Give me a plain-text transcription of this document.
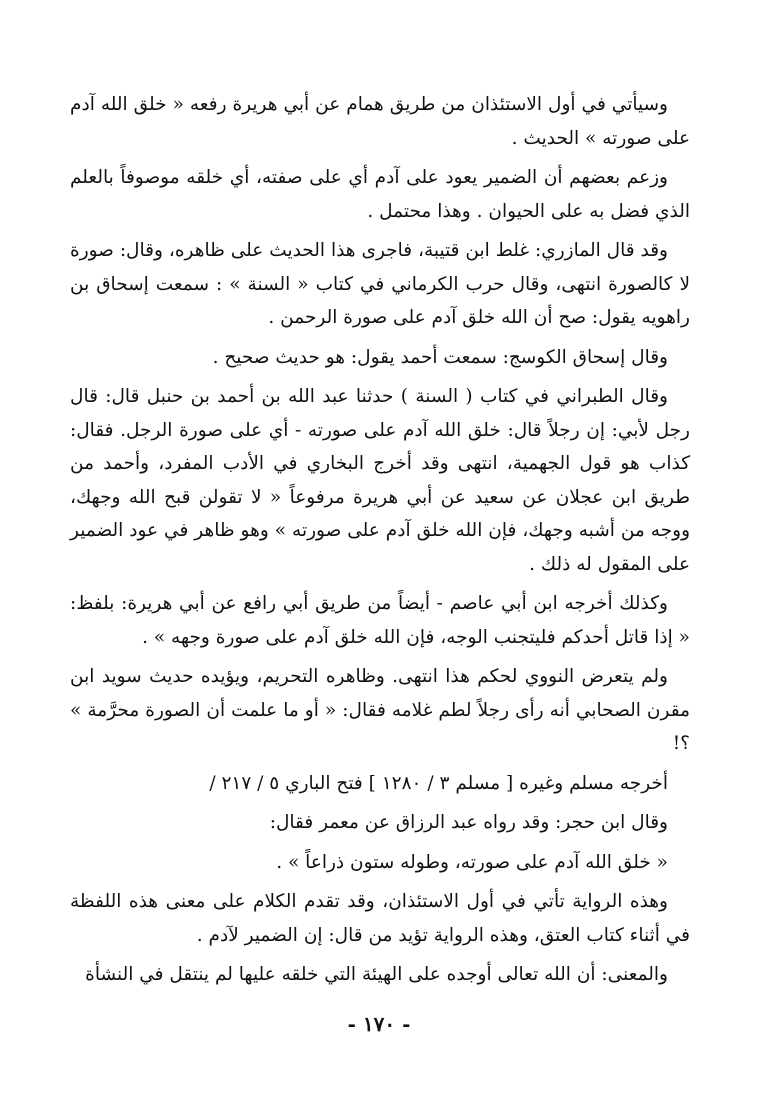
وسيأتي في أول الاستئذان من طريق همام عن أبي هريرة رفعه « خلق الله آدم على صورته » الحديث .

وزعم بعضهم أن الضمير يعود على آدم أي على صفته، أي خلقه موصوفاً بالعلم الذي فضل به على الحيوان . وهذا محتمل .

وقد قال المازري: غلط ابن قتيبة، فاجرى هذا الحديث على ظاهره، وقال: صورة لا كالصورة انتهى، وقال حرب الكرماني في كتاب « السنة » : سمعت إسحاق بن راهويه يقول: صح أن الله خلق آدم على صورة الرحمن .

وقال إسحاق الكوسج: سمعت أحمد يقول: هو حديث صحيح .

وقال الطبراني في كتاب ( السنة ) حدثنا عبد الله بن أحمد بن حنبل قال: قال رجل لأبي: إن رجلاً قال: خلق الله آدم على صورته - أي على صورة الرجل. فقال: كذاب هو قول الجهمية، انتهى وقد أخرج البخاري في الأدب المفرد، وأحمد من طريق ابن عجلان عن سعيد عن أبي هريرة مرفوعاً « لا تقولن قبح الله وجهك، ووجه من أشبه وجهك، فإن الله خلق آدم على صورته » وهو ظاهر في عود الضمير على المقول له ذلك .

وكذلك أخرجه ابن أبي عاصم - أيضاً من طريق أبي رافع عن أبي هريرة: بلفظ: « إذا قاتل أحدكم فليتجنب الوجه، فإن الله خلق آدم على صورة وجهه » .

ولم يتعرض النووي لحكم هذا انتهى. وظاهره التحريم، ويؤيده حديث سويد ابن مقرن الصحابي أنه رأى رجلاً لطم غلامه فقال: « أو ما علمت أن الصورة محرَّمة » ؟!

أخرجه مسلم وغيره [ مسلم ٣ / ١٢٨٠ ] فتح الباري ٥ / ٢١٧ /

وقال ابن حجر: وقد رواه عبد الرزاق عن معمر فقال:

« خلق الله آدم على صورته، وطوله ستون ذراعاً » .

وهذه الرواية تأتي في أول الاستئذان، وقد تقدم الكلام على معنى هذه اللفظة في أثناء كتاب العتق، وهذه الرواية تؤيد من قال: إن الضمير لآدم .

والمعنى: أن الله تعالى أوجده على الهيئة التي خلقه عليها لم ينتقل في النشأة

- ١٧٠ -
